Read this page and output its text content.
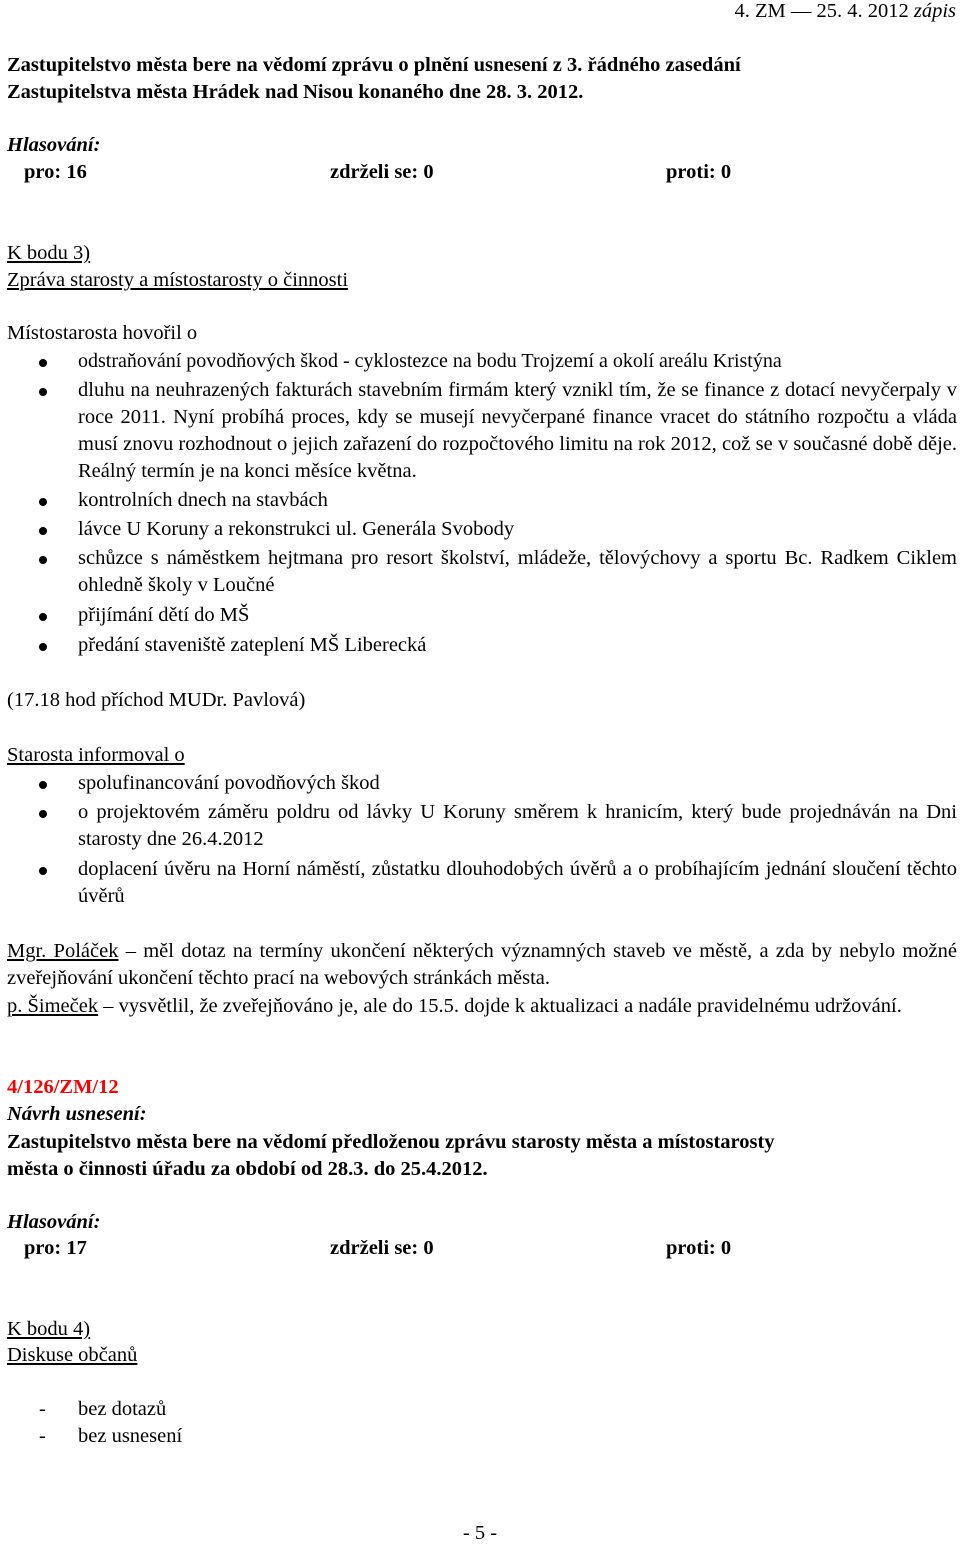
4. ZM — 25. 4. 2012 zápis
Zastupitelstvo města bere na vědomí zprávu o plnění usnesení z 3. řádného zasedání
Zastupitelstva města Hrádek nad Nisou konaného dne 28. 3. 2012.
Hlasování:
pro: 16	zdrželi se: 0	proti: 0
K bodu 3)
Zpráva starosty a místostarosty o činnosti
Místostarosta hovořil o
odstraňování povodňových škod - cyklostezce na bodu Trojzemí a okolí areálu Kristýna
dluhu na neuhrazených fakturách stavebním firmám který vznikl tím, že se finance z dotací nevyčerpaly v roce 2011. Nyní probíhá proces, kdy se musejí nevyčerpané finance vracet do státního rozpočtu a vláda musí znovu rozhodnout o jejich zařazení do rozpočtového limitu na rok 2012, což se v současné době děje. Reálný termín je na konci měsíce května.
kontrolních dnech na stavbách
lávce U Koruny a rekonstrukci ul. Generála Svobody
schůzce s náměstkem hejtmana pro resort školství, mládeže, tělovýchovy a sportu Bc. Radkem Ciklem ohledně školy v Loučné
přijímání dětí do MŠ
předání staveniště zateplení MŠ Liberecká
(17.18 hod příchod MUDr. Pavlová)
Starosta informoval o
spolufinancování povodňových škod
o projektovém záměru poldru od lávky U Koruny směrem k hranicím, který bude projednáván na Dni starosty dne 26.4.2012
doplacení úvěru na Horní náměstí, zůstatku dlouhodobých úvěrů a o probíhajícím jednání sloučení těchto úvěrů
Mgr. Poláček – měl dotaz na termíny ukončení některých významných staveb ve městě, a zda by nebylo možné zveřejňování ukončení těchto prací na webových stránkách města.
p. Šimeček – vysvětlil, že zveřejňováno je, ale do 15.5. dojde k aktualizaci a nadále pravidelnému udržování.
4/126/ZM/12
Návrh usnesení:
Zastupitelstvo města bere na vědomí předloženou zprávu starosty města a místostarosty
města o činnosti úřadu za období od 28.3. do 25.4.2012.
Hlasování:
pro: 17	zdrželi se: 0	proti: 0
K bodu 4)
Diskuse občanů
- bez dotazů
- bez usnesení
- 5 -
